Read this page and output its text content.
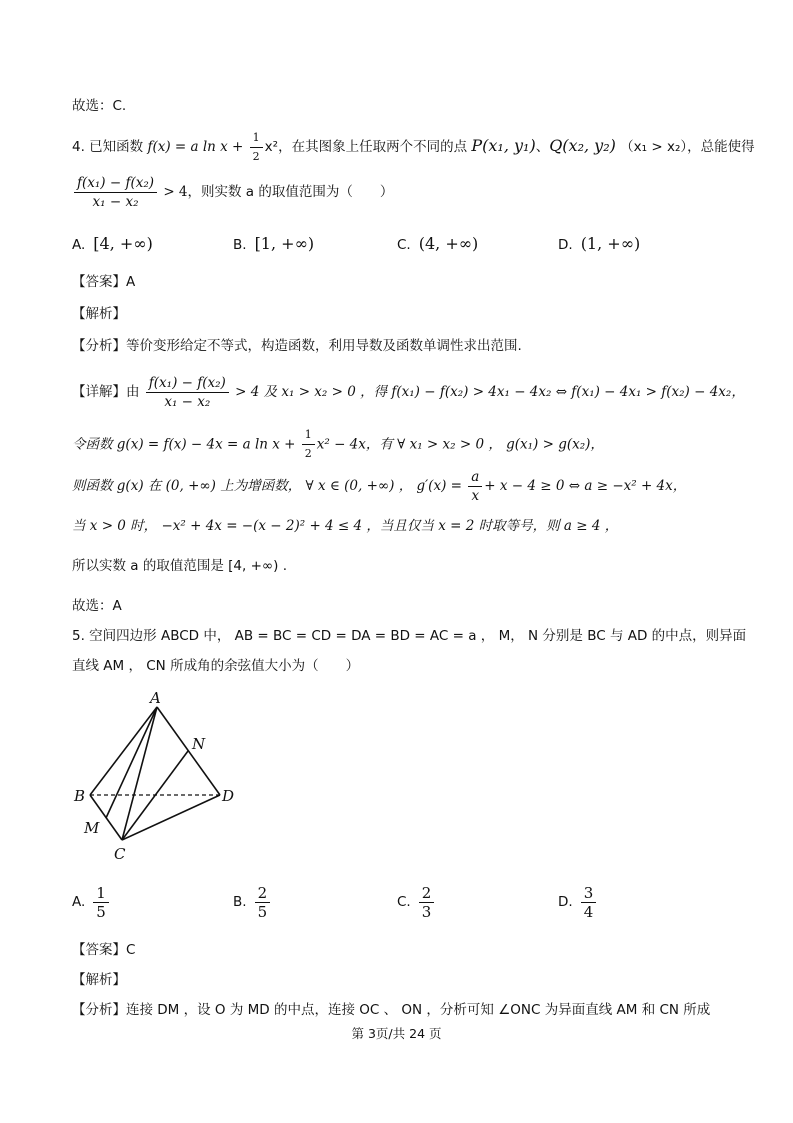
故选：C.
4. 已知函数 f(x) = a $\ln x + \frac{1}{2} x^2$，在其图象上任取两个不同的点 P(x₁, y₁)、Q(x₂, y₂) （x₁ > x₂），总能使得
$\frac{\text{f(x₁) − f(x₂)}}{\text{x₁ − x₂}} > 4$，则实数 a 的取值范围为（　　）
A. [4, +∞)	B. [1, +∞)	C. (4, +∞)	D. (1, +∞)
【答案】A
【解析】
【分析】等价变形给定不等式，构造函数，利用导数及函数单调性求出范围.
【详解】由 $\frac{\text{f(x₁) − f(x₂)}}{\text{x₁ − x₂}} > 4$ 及 x₁ > x₂ > 0 ，得 f(x₁) − f(x₂) > 4x₁ − 4x₂ ⇔ f(x₁) − 4x₁ > f(x₂) − 4x₂，
令函数 g(x) = f(x) − 4x = a $\ln x + \frac{1}{2} x^2 - 4x$，有 ∀ x₁ > x₂ > 0 ， g(x₁) > g(x₂)，
则函数 g(x) 在 (0, +∞) 上为增函数， ∀ x ∈ (0, +∞) ， $g'(x) = \frac{a}{x} + x - 4 \ge 0$ ⇔ a ≥ −x² + 4x，
当 x > 0 时， −x² + 4x = −(x − 2)² + 4 ≤ 4 ，当且仅当 x = 2 时取等号，则 a ≥ 4 ，
所以实数 a 的取值范围是 [4, +∞) .
故选：A
5. 空间四边形 ABCD 中， AB = BC = CD = DA = BD = AC = a ， M， N 分别是 BC 与 AD 的中点，则异面
直线 AM ， CN 所成角的余弦值大小为（　　）
A
N
B	D
M
C
A. $\frac{1}{5}$	B. $\frac{2}{5}$	C. $\frac{2}{3}$	D. $\frac{3}{4}$
【答案】C
【解析】
【分析】连接 DM ，设 O 为 MD 的中点，连接 OC 、 ON ，分析可知 ∠ONC 为异面直线 AM 和 CN 所成
第 3页/共 24 页
